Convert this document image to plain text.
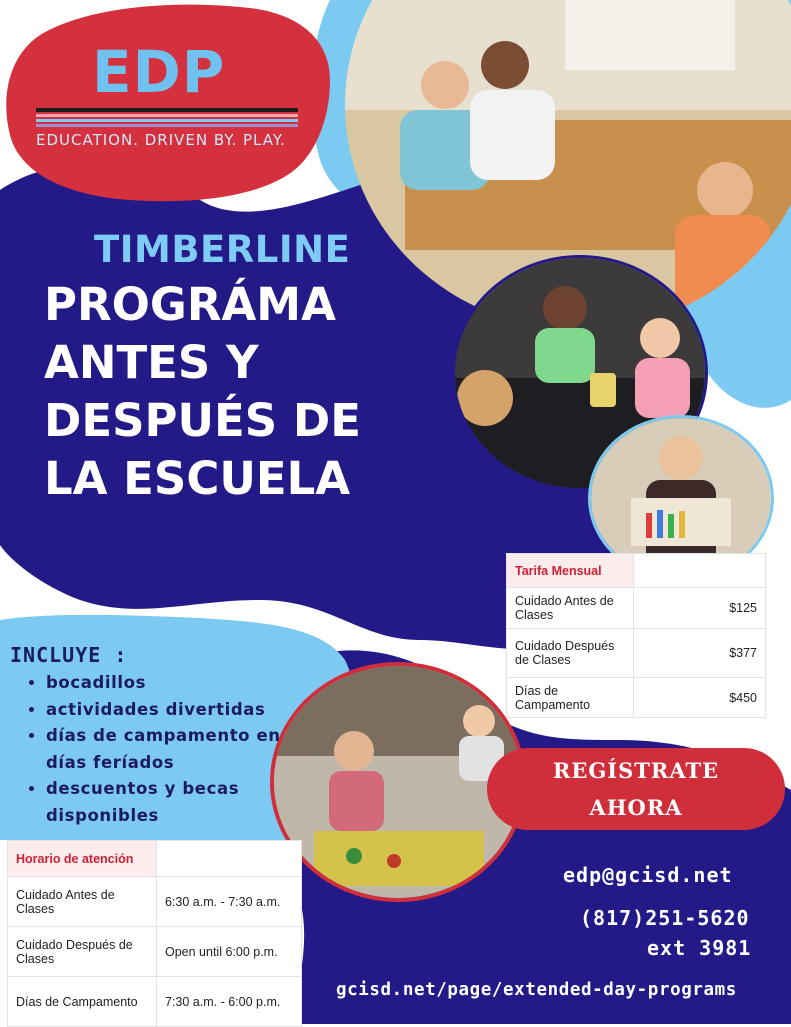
EDP
EDUCATION. DRIVEN BY. PLAY.
TIMBERLINE
PROGRÁMA
ANTES Y
DESPUÉS DE
LA ESCUELA
Tarifa Mensual	
Cuidado Antes de Clases	$125
Cuidado Después de Clases	$377
Días de Campamento	$450
INCLUYE :
• bocadillos
• actividades divertidas
• días de campamento en días feríados
• descuentos y becas disponibles
Horario de atención	
Cuidado Antes de Clases	6:30 a.m. - 7:30 a.m.
Cuidado Después de Clases	Open until 6:00 p.m.
Días de Campamento	7:30 a.m. - 6:00 p.m.
REGÍSTRATE
AHORA
edp@gcisd.net
(817)251-5620
ext 3981
gcisd.net/page/extended-day-programs
